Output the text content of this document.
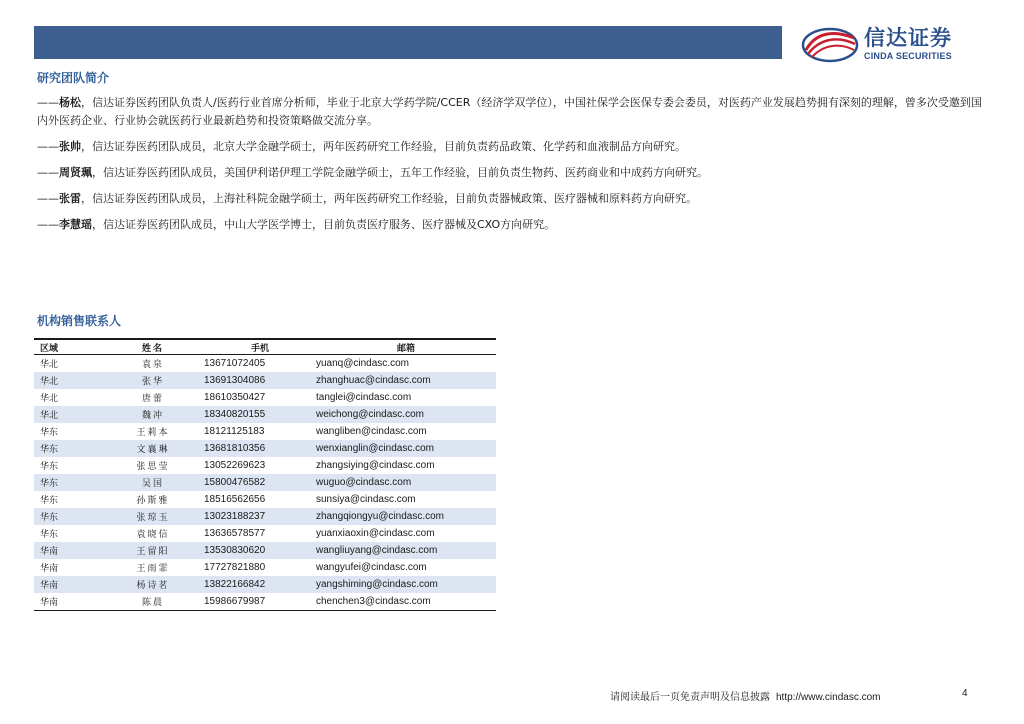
信达证券
CINDA SECURITIES
研究团队简介

——杨松，信达证券医药团队负责人/医药行业首席分析师，毕业于北京大学药学院/CCER（经济学双学位），中国社保学会医保专委会委员，对医药产业发展趋势拥有深刻的理解，曾多次受邀到国内外医药企业、行业协会就医药行业最新趋势和投资策略做交流分享。

——张帅，信达证券医药团队成员，北京大学金融学硕士，两年医药研究工作经验，目前负责药品政策、化学药和血液制品方向研究。

——周贤珮，信达证券医药团队成员，美国伊利诺伊理工学院金融学硕士，五年工作经验，目前负责生物药、医药商业和中成药方向研究。

——张雷，信达证券医药团队成员，上海社科院金融学硕士，两年医药研究工作经验，目前负责器械政策、医疗器械和原料药方向研究。

——李慧瑶，信达证券医药团队成员，中山大学医学博士，目前负责医疗服务、医疗器械及CXO方向研究。

机构销售联系人
区域	姓名	手机	邮箱
华北	袁泉	13671072405	yuanq@cindasc.com
华北	张华	13691304086	zhanghuac@cindasc.com
华北	唐蕾	18610350427	tanglei@cindasc.com
华北	魏冲	18340820155	weichong@cindasc.com
华东	王莉本	18121125183	wangliben@cindasc.com
华东	文襄琳	13681810356	wenxianglin@cindasc.com
华东	张思莹	13052269623	zhangsiying@cindasc.com
华东	吴国	15800476582	wuguo@cindasc.com
华东	孙斯雅	18516562656	sunsiya@cindasc.com
华东	张琼玉	13023188237	zhangqiongyu@cindasc.com
华东	袁晓信	13636578577	yuanxiaoxin@cindasc.com
华南	王留阳	13530830620	wangliuyang@cindasc.com
华南	王雨霏	17727821880	wangyufei@cindasc.com
华南	杨诗茗	13822166842	yangshiming@cindasc.com
华南	陈晨	15986679987	chenchen3@cindasc.com
请阅读最后一页免责声明及信息披露 http://www.cindasc.com	4
